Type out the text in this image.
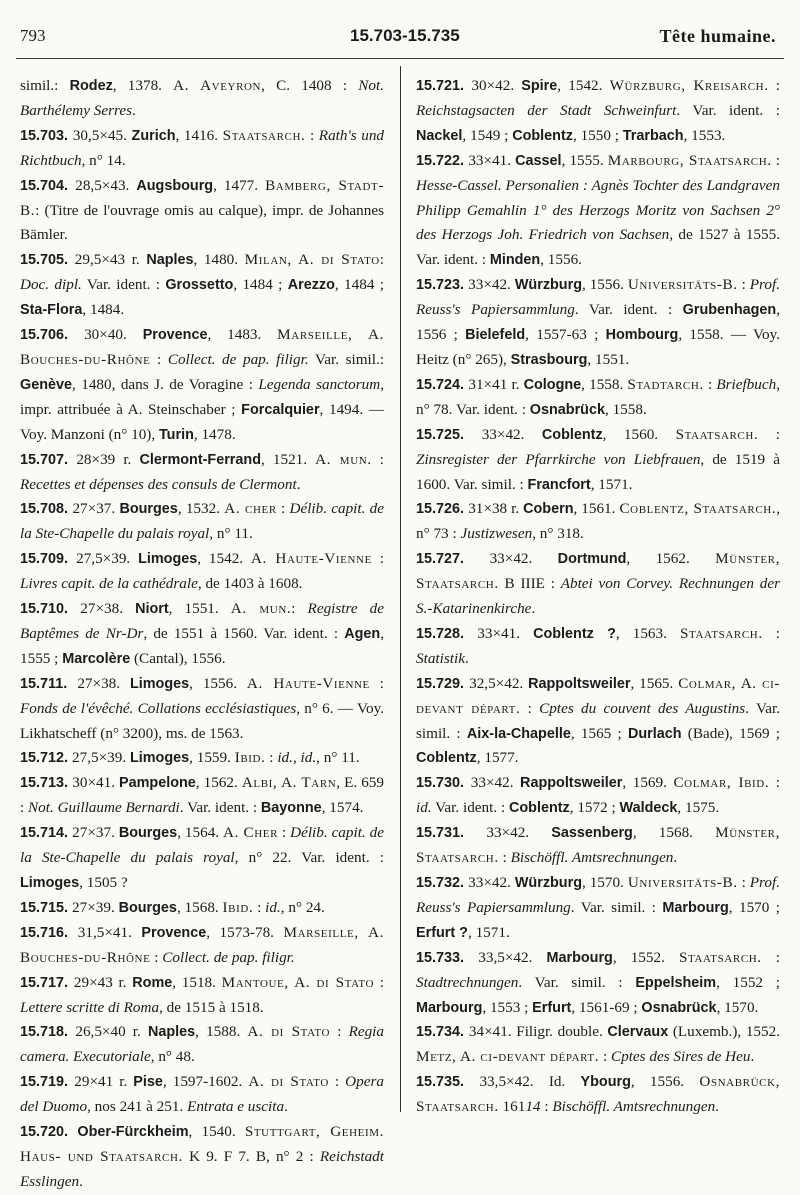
793	15.703-15.735	Tête humaine.

simil.: Rodez, 1378. A. Aveyron, C. 1408 : Not. Barthélemy Serres.

15.703. 30,5×45. Zurich, 1416. Staatsarch. : Rath's und Richtbuch, n° 14.

15.704. 28,5×43. Augsbourg, 1477. Bamberg, Stadt-B.: (Titre de l'ouvrage omis au calque), impr. de Johannes Bämler.

15.705. 29,5×43 r. Naples, 1480. Milan, A. di Stato: Doc. dipl. Var. ident. : Grossetto, 1484 ; Arezzo, 1484 ; Sta-Flora, 1484.

15.706. 30×40. Provence, 1483. Marseille, A. Bouches-du-Rhône : Collect. de pap. filigr. Var. simil.: Genève, 1480, dans J. de Voragine : Legenda sanctorum, impr. attribuée à A. Steinschaber ; Forcalquier, 1494. — Voy. Manzoni (n° 10), Turin, 1478.

15.707. 28×39 r. Clermont-Ferrand, 1521. A. mun. : Recettes et dépenses des consuls de Clermont.

15.708. 27×37. Bourges, 1532. A. cher : Délib. capit. de la Ste-Chapelle du palais royal, n° 11.

15.709. 27,5×39. Limoges, 1542. A. Haute-Vienne : Livres capit. de la cathédrale, de 1403 à 1608.

15.710. 27×38. Niort, 1551. A. mun.: Registre de Baptêmes de Nr-Dr, de 1551 à 1560. Var. ident. : Agen, 1555 ; Marcolère (Cantal), 1556.

15.711. 27×38. Limoges, 1556. A. Haute-Vienne : Fonds de l'évêché. Collations ecclésiastiques, n° 6. — Voy. Likhatscheff (n° 3200), ms. de 1563.

15.712. 27,5×39. Limoges, 1559. Ibid. : id., id., n° 11.

15.713. 30×41. Pampelone, 1562. Albi, A. Tarn, E. 659 : Not. Guillaume Bernardi. Var. ident. : Bayonne, 1574.

15.714. 27×37. Bourges, 1564. A. Cher : Délib. capit. de la Ste-Chapelle du palais royal, n° 22. Var. ident. : Limoges, 1505 ?

15.715. 27×39. Bourges, 1568. Ibid. : id., n° 24.

15.716. 31,5×41. Provence, 1573-78. Marseille, A. Bouches-du-Rhône : Collect. de pap. filigr.

15.717. 29×43 r. Rome, 1518. Mantoue, A. di Stato : Lettere scritte di Roma, de 1515 à 1518.

15.718. 26,5×40 r. Naples, 1588. A. di Stato : Regia camera. Executoriale, n° 48.

15.719. 29×41 r. Pise, 1597-1602. A. di Stato : Opera del Duomo, nos 241 à 251. Entrata e uscita.

15.720. Ober-Fürckheim, 1540. Stuttgart, Geheim. Haus- und Staatsarch. K 9. F 7. B, n° 2 : Reichstadt Esslingen.

15.721. 30×42. Spire, 1542. Würzburg, Kreisarch. : Reichstagsacten der Stadt Schweinfurt. Var. ident. : Nackel, 1549 ; Coblentz, 1550 ; Trarbach, 1553.

15.722. 33×41. Cassel, 1555. Marbourg, Staatsarch. : Hesse-Cassel. Personalien : Agnès Tochter des Landgraven Philipp Gemahlin 1° des Herzogs Moritz von Sachsen 2° des Herzogs Joh. Friedrich von Sachsen, de 1527 à 1555. Var. ident. : Minden, 1556.

15.723. 33×42. Würzburg, 1556. Universitäts-B. : Prof. Reuss's Papiersammlung. Var. ident. : Grubenhagen, 1556 ; Bielefeld, 1557-63 ; Hombourg, 1558. — Voy. Heitz (n° 265), Strasbourg, 1551.

15.724. 31×41 r. Cologne, 1558. Stadtarch. : Briefbuch, n° 78. Var. ident. : Osnabrück, 1558.

15.725. 33×42. Coblentz, 1560. Staatsarch. : Zinsregister der Pfarrkirche von Liebfrauen, de 1519 à 1600. Var. simil. : Francfort, 1571.

15.726. 31×38 r. Cobern, 1561. Coblentz, Staatsarch., n° 73 : Justizwesen, n° 318.

15.727. 33×42. Dortmund, 1562. Münster, Staatsarch. B IIIE : Abtei von Corvey. Rechnungen der S.-Katarinenkirche.

15.728. 33×41. Coblentz ?, 1563. Staatsarch. : Statistik.

15.729. 32,5×42. Rappoltsweiler, 1565. Colmar, A. ci-devant départ. : Cptes du couvent des Augustins. Var. simil. : Aix-la-Chapelle, 1565 ; Durlach (Bade), 1569 ; Coblentz, 1577.

15.730. 33×42. Rappoltsweiler, 1569. Colmar, Ibid. : id. Var. ident. : Coblentz, 1572 ; Waldeck, 1575.

15.731. 33×42. Sassenberg, 1568. Münster, Staatsarch. : Bischöffl. Amtsrechnungen.

15.732. 33×42. Würzburg, 1570. Universitäts-B. : Prof. Reuss's Papiersammlung. Var. simil. : Marbourg, 1570 ; Erfurt ?, 1571.

15.733. 33,5×42. Marbourg, 1552. Staatsarch. : Stadtrechnungen. Var. simil. : Eppelsheim, 1552 ; Marbourg, 1553 ; Erfurt, 1561-69 ; Osnabrück, 1570.

15.734. 34×41. Filigr. double. Clervaux (Luxemb.), 1552. Metz, A. ci-devant départ. : Cptes des Sires de Heu.

15.735. 33,5×42. Id. Ybourg, 1556. Osnabrück, Staatsarch. 16114 : Bischöffl. Amtsrechnungen.
